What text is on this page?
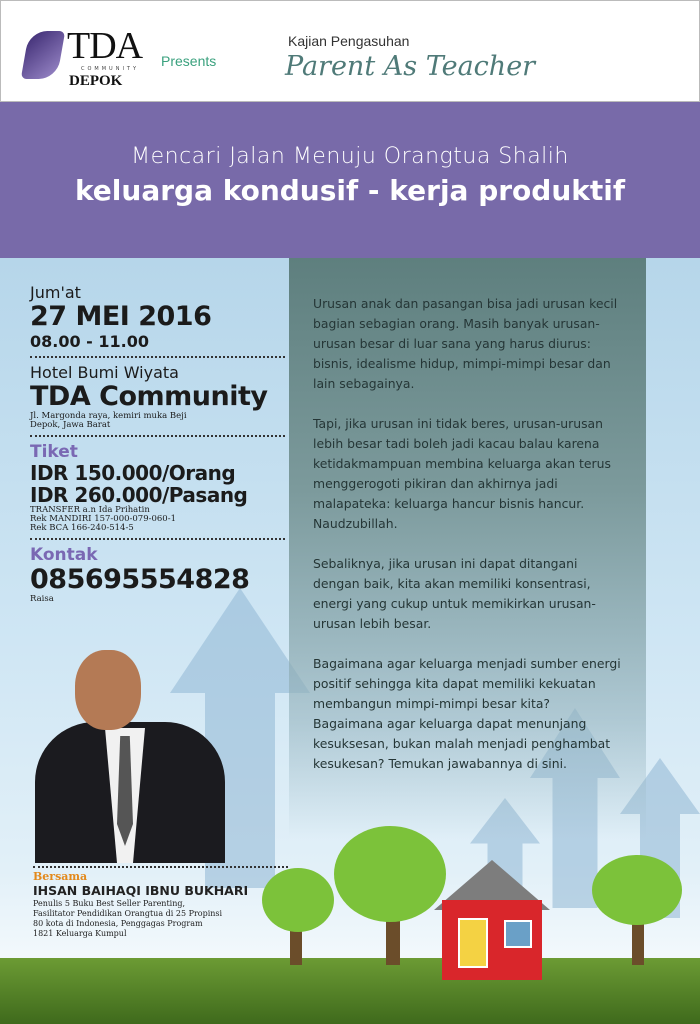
TDA
COMMUNITY
DEPOK
Presents
Kajian Pengasuhan
Parent As Teacher
Mencari Jalan Menuju Orangtua Shalih
keluarga kondusif - kerja produktif

Urusan anak dan pasangan bisa jadi urusan kecil bagian sebagian orang. Masih banyak urusan-urusan besar di luar sana yang harus diurus: bisnis, idealisme hidup, mimpi-mimpi besar dan lain sebagainya.

Tapi, jika urusan ini tidak beres, urusan-urusan lebih besar tadi boleh jadi kacau balau karena ketidakmampuan membina keluarga akan terus menggerogoti pikiran dan akhirnya jadi malapateka: keluarga hancur bisnis hancur. Naudzubillah.

Sebaliknya, jika urusan ini dapat ditangani dengan baik, kita akan memiliki konsentrasi, energi yang cukup untuk memikirkan urusan-urusan lebih besar.

Bagaimana agar keluarga menjadi sumber energi positif sehingga kita dapat memiliki kekuatan membangun mimpi-mimpi besar kita? Bagaimana agar keluarga dapat menunjang kesuksesan, bukan malah menjadi penghambat kesukesan? Temukan jawabannya di sini.

Jum'at
27 MEI 2016
08.00 - 11.00
Hotel Bumi Wiyata
TDA Community
Jl. Margonda raya, kemiri muka Beji
Depok, Jawa Barat
Tiket
IDR 150.000/Orang
IDR 260.000/Pasang
TRANSFER a.n Ida Prihatin
Rek MANDIRI 157-000-079-060-1
Rek BCA 166-240-514-5
Kontak
085695554828
Raisa
Bersama
IHSAN BAIHAQI IBNU BUKHARI
Penulis 5 Buku Best Seller Parenting,
Fasilitator Pendidikan Orangtua di 25 Propinsi
80 kota di Indonesia, Penggagas Program
1821 Keluarga Kumpul
